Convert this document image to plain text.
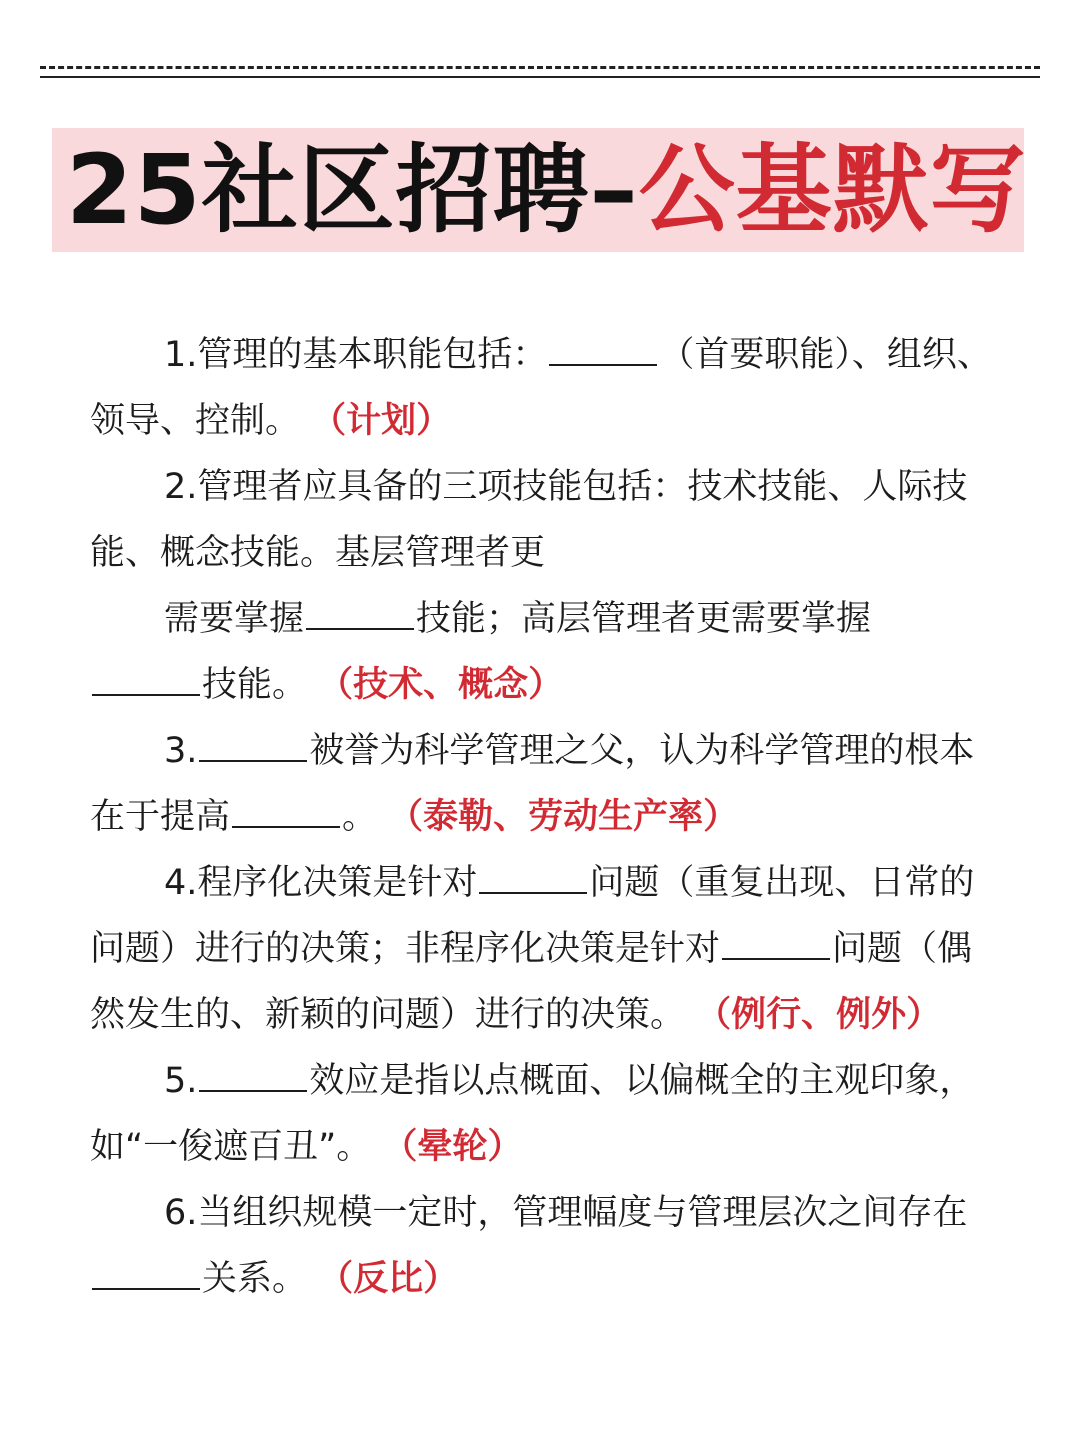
25社区招聘–公基默写

1.管理的基本职能包括：	（首要职能）、组织、领导、控制。 （计划）

2.管理者应具备的三项技能包括：技术技能、人际技能、概念技能。基层管理者更

需要掌握	技能；高层管理者更需要掌握

技能。 （技术、概念）

3.	被誉为科学管理之父，认为科学管理的根本在于提高	。 （泰勒、劳动生产率）

4.程序化决策是针对	问题（重复出现、日常的问题）进行的决策；非程序化决策是针对	问题（偶然发生的、新颖的问题）进行的决策。 （例行、例外）

5.	效应是指以点概面、以偏概全的主观印象，如“一俊遮百丑”。 （晕轮）

6.当组织规模一定时，管理幅度与管理层次之间存在关系。 （反比）
